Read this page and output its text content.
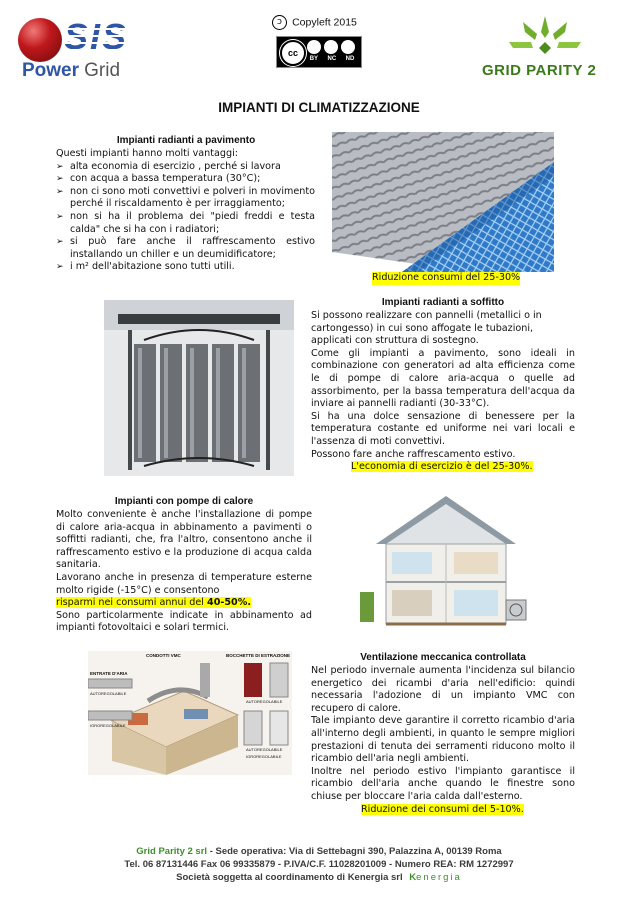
ↄ Copyleft 2015
cc
BY NC ND
SIS
Power Grid	GRID PARITY 2
IMPIANTI DI CLIMATIZZAZIONE
Impianti radianti a pavimento
Questi impianti hanno molti vantaggi:
➢ alta economia di esercizio , perché si lavora
➢ con acqua a bassa temperatura (30°C);
➢ non ci sono moti convettivi e polveri in movimento perché il riscaldamento è per irraggiamento;
➢ non si ha il problema dei "piedi freddi e testa calda" che si ha con i radiatori;
➢ si può fare anche il raffrescamento estivo installando un chiller e un deumidificatore;
➢ i m² dell'abitazione sono tutti utili.
Riduzione consumi del 25-30%
Impianti radianti a soffitto
Si possono realizzare con pannelli (metallici o in cartongesso) in cui sono affogate le tubazioni, applicati con struttura di sostegno.
Come gli impianti a pavimento, sono ideali in combinazione con generatori ad alta efficienza come le di pompe di calore aria-acqua o quelle ad assorbimento, per la bassa temperatura dell'acqua da inviare ai pannelli radianti (30-33°C).
Si ha una dolce sensazione di benessere per la temperatura costante ed uniforme nei vari locali e l'assenza di moti convettivi.
Possono fare anche raffrescamento estivo.
L'economia di esercizio è del 25-30%.
Impianti con pompe di calore
Molto conveniente è anche l'installazione di pompe di calore aria-acqua in abbinamento a pavimenti o soffitti radianti, che, fra l'altro, consentono anche il raffrescamento estivo e la produzione di acqua calda sanitaria.
Lavorano anche in presenza di temperature esterne molto rigide (-15°C) e consentono
risparmi nei consumi annui del 40-50%.
Sono particolarmente indicate in abbinamento ad impianti fotovoltaici e solari termici.
CONDOTTI VMC	BOCCHETTE DI ESTRAZIONE
ENTRATE D'ARIA
AUTOREGOLABILE
IGROREGOLABILE
AUTOREGOLABILE
AUTOREGOLABILE
IGROREGOLABILE
Ventilazione meccanica controllata
Nel periodo invernale aumenta l'incidenza sul bilancio energetico dei ricambi d'aria nell'edificio: quindi necessaria l'adozione di un impianto VMC con recupero di calore.
Tale impianto deve garantire il corretto ricambio d'aria all'interno degli ambienti, in quanto le sempre migliori prestazioni di tenuta dei serramenti riducono molto il ricambio dell'aria negli ambienti.
Inoltre nel periodo estivo l'impianto garantisce il ricambio dell'aria anche quando le finestre sono chiuse per bloccare l'aria calda dall'esterno.
Riduzione dei consumi del 5-10%.
Grid Parity 2 srl - Sede operativa: Via di Settebagni 390, Palazzina A, 00139 Roma
Tel. 06 87131446 Fax 06 99335879 - P.IVA/C.F. 11028201009 - Numero REA: RM 1272997
Società soggetta al coordinamento di Kenergia srl Kenergia
